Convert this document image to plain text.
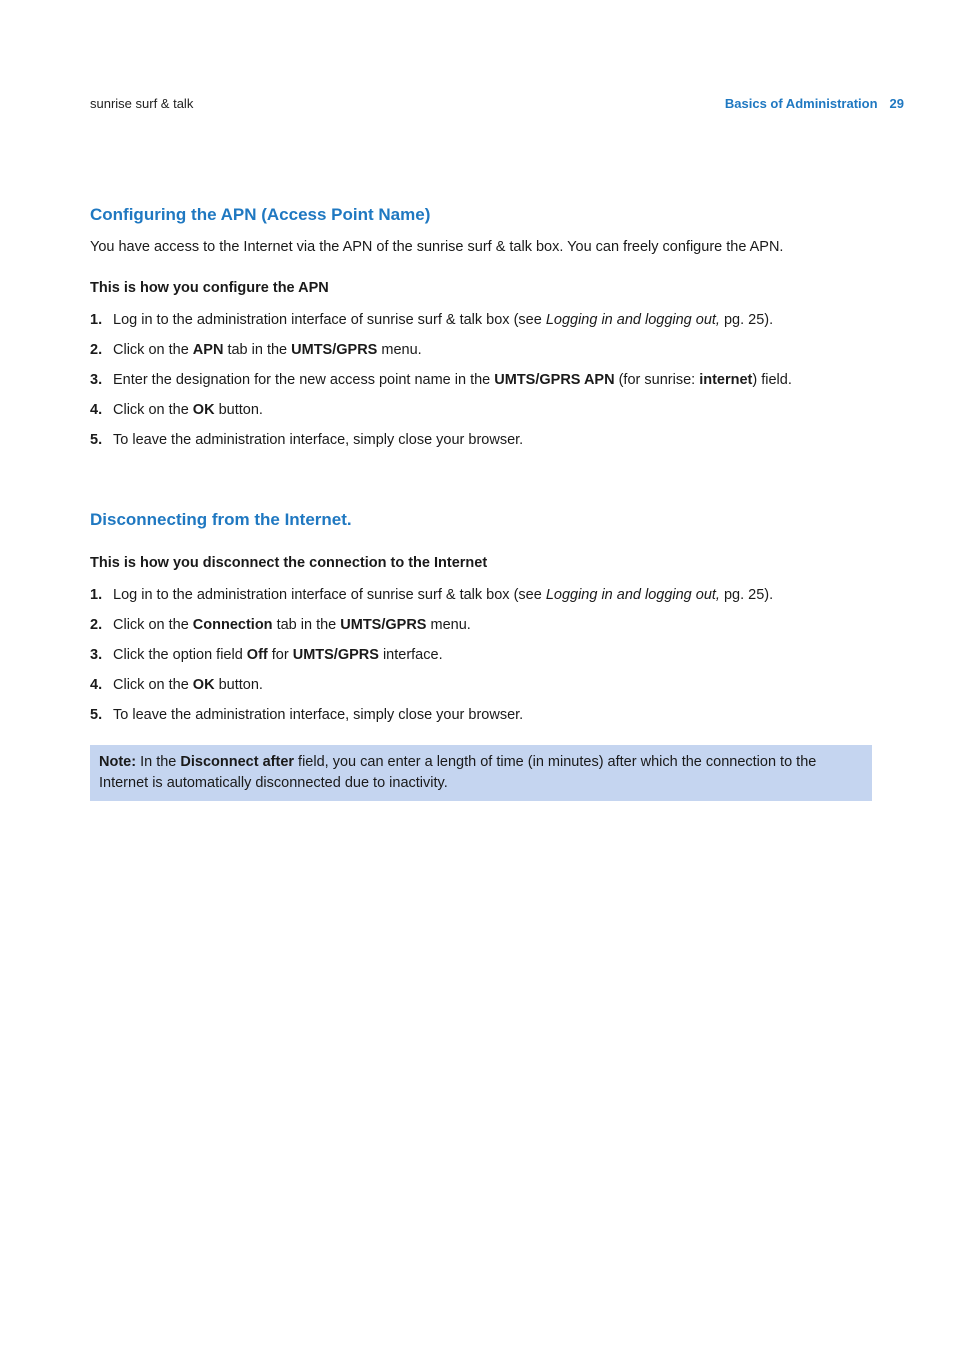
sunrise surf & talk	Basics of Administration 29
Configuring the APN (Access Point Name)

You have access to the Internet via the APN of the sunrise surf & talk box. You can freely configure the APN.

This is how you configure the APN

1. Log in to the administration interface of sunrise surf & talk box (see Logging in and logging out, pg. 25).
2. Click on the APN tab in the UMTS/GPRS menu.
3. Enter the designation for the new access point name in the UMTS/GPRS APN (for sunrise: internet) field.
4. Click on the OK button.
5. To leave the administration interface, simply close your browser.
Disconnecting from the Internet.

This is how you disconnect the connection to the Internet

1. Log in to the administration interface of sunrise surf & talk box (see Logging in and logging out, pg. 25).
2. Click on the Connection tab in the UMTS/GPRS menu.
3. Click the option field Off for UMTS/GPRS interface.
4. Click on the OK button.
5. To leave the administration interface, simply close your browser.
Note: In the Disconnect after field, you can enter a length of time (in minutes) after which the connection to the Internet is automatically disconnected due to inactivity.
